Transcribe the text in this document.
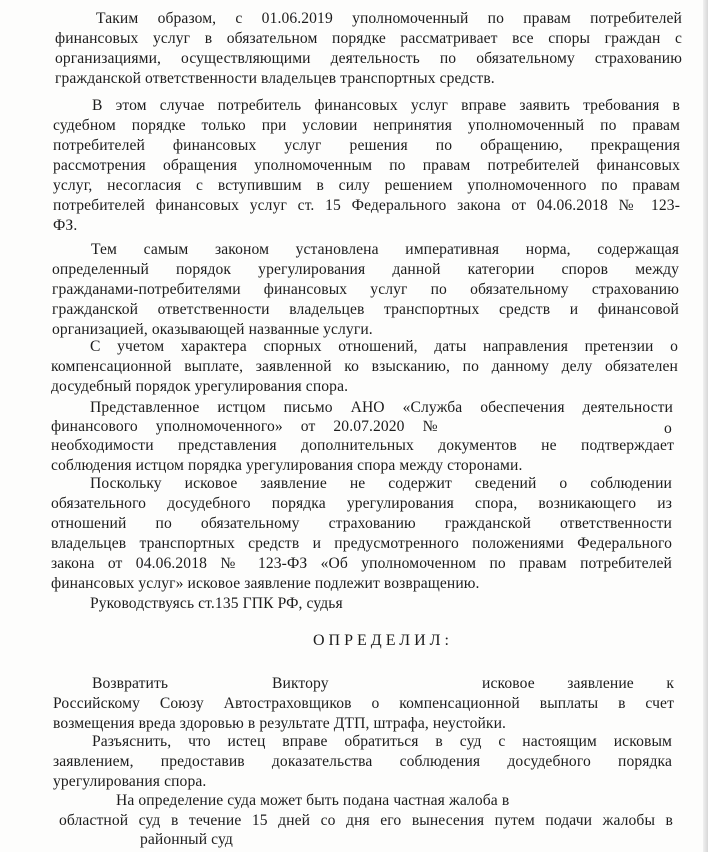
Таким образом, с 01.06.2019 уполномоченный по правам потребителей
финансовых услуг в обязательном порядке рассматривает все споры граждан с
организациями, осуществляющими деятельность по обязательному страхованию
гражданской ответственности владельцев транспортных средств.
В этом случае потребитель финансовых услуг вправе заявить требования в
судебном порядке только при условии непринятия уполномоченный по правам
потребителей финансовых услуг решения по обращению, прекращения
рассмотрения обращения уполномоченным по правам потребителей финансовых
услуг, несогласия с вступившим в силу решением уполномоченного по правам
потребителей финансовых услуг ст. 15 Федерального закона от 04.06.2018 № 123-
ФЗ.
Тем самым законом установлена императивная норма, содержащая
определенный порядок урегулирования данной категории споров между
гражданами-потребителями финансовых услуг по обязательному страхованию
гражданской ответственности владельцев транспортных средств и финансовой
организацией, оказывающей названные услуги.
С учетом характера спорных отношений, даты направления претензии о
компенсационной выплате, заявленной ко взысканию, по данному делу обязателен
досудебный порядок урегулирования спора.
Представленное истцом письмо АНО «Служба обеспечения деятельности
финансового уполномоченного» от 20.07.2020 №	о
необходимости представления дополнительных документов не подтверждает
соблюдения истцом порядка урегулирования спора между сторонами.
Поскольку исковое заявление не содержит сведений о соблюдении
обязательного досудебного порядка урегулирования спора, возникающего из
отношений по обязательному страхованию гражданской ответственности
владельцев транспортных средств и предусмотренного положениями Федерального
закона от 04.06.2018 № 123-ФЗ «Об уполномоченном по правам потребителей
финансовых услуг» исковое заявление подлежит возвращению.
Руководствуясь ст.135 ГПК РФ, судья
ОПРЕДЕЛИЛ:
Возвратить	Виктору	исковое заявление к
Российскому Союзу Автостраховщиков о компенсационной выплаты в счет
возмещения вреда здоровью в результате ДТП, штрафа, неустойки.
Разъяснить, что истец вправе обратиться в суд с настоящим исковым
заявлением, предоставив доказательства соблюдения досудебного порядка
урегулирования спора.
На определение суда может быть подана частная жалоба в
областной суд в течение 15 дней со дня его вынесения путем подачи жалобы в
районный суд
